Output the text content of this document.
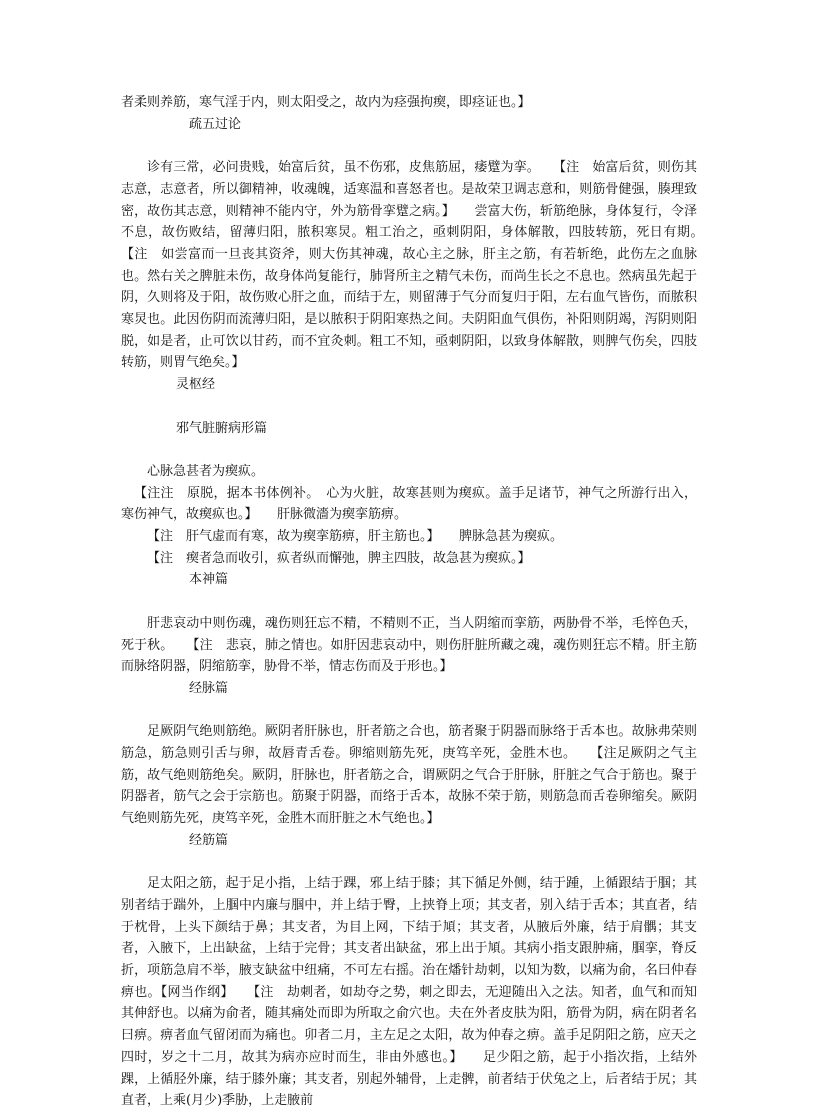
者柔则养筋，寒气淫于内，则太阳受之，故内为痉强拘瘈，即痉证也。】

疏五过论

诊有三常，必问贵贱，始富后贫，虽不伤邪，皮焦筋屈，痿躄为挛。　　【注　始富后贫，则伤其志意，志意者，所以御精神，收魂魄，适寒温和喜怒者也。是故荣卫调志意和，则筋骨健强，腠理致密，故伤其志意，则精神不能内守，外为筋骨挛躄之病。】　　尝富大伤，斩筋绝脉，身体复行，令泽不息，故伤败结，留薄归阳，脓积寒炅。粗工治之，亟刺阴阳，身体解散，四肢转筋，死日有期。　　【注　如尝富而一旦丧其资斧，则大伤其神魂，故心主之脉，肝主之筋，有若斩绝，此伤左之血脉也。然右关之脾脏未伤，故身体尚复能行，肺肾所主之精气未伤，而尚生长之不息也。然病虽先起于阴，久则将及于阳，故伤败心肝之血，而结于左，则留薄于气分而复归于阳，左右血气皆伤，而脓积寒炅也。此因伤阴而流薄归阳，是以脓积于阴阳寒热之间。夫阴阳血气俱伤，补阳则阴竭，泻阴则阳脱，如是者，止可饮以甘药，而不宜灸刺。粗工不知，亟刺阴阳，以致身体解散，则脾气伤矣，四肢转筋，则胃气绝矣。】

灵枢经

邪气脏腑病形篇

心脉急甚者为瘈疭。

【注注　原脱，据本书体例补。　心为火脏，故寒甚则为瘈疭。盖手足诸节，神气之所游行出入，寒伤神气，故瘈疭也。】　　肝脉微濇为瘈挛筋痹。

【注　肝气虚而有寒，故为瘈挛筋痹，肝主筋也。】　　脾脉急甚为瘈疭。

【注　瘈者急而收引，疭者纵而懈弛，脾主四肢，故急甚为瘈疭。】

本神篇

肝悲哀动中则伤魂，魂伤则狂忘不精，不精则不正，当人阴缩而挛筋，两胁骨不举，毛悴色夭，死于秋。　　【注　悲哀，肺之情也。如肝因悲哀动中，则伤肝脏所藏之魂，魂伤则狂忘不精。肝主筋而脉络阴器，阴缩筋挛，胁骨不举，情志伤而及于形也。】

经脉篇

足厥阴气绝则筋绝。厥阴者肝脉也，肝者筋之合也，筋者聚于阴器而脉络于舌本也。故脉弗荣则筋急，筋急则引舌与卵，故唇青舌卷。卵缩则筋先死，庚笃辛死，金胜木也。　　【注足厥阴之气主筋，故气绝则筋绝矣。厥阴，肝脉也，肝者筋之合，谓厥阴之气合于肝脉，肝脏之气合于筋也。聚于阴器者，筋气之会于宗筋也。筋聚于阴器，而络于舌本，故脉不荣于筋，则筋急而舌卷卵缩矣。厥阴气绝则筋先死，庚笃辛死，金胜木而肝脏之木气绝也。】

经筋篇

足太阳之筋，起于足小指，上结于踝，邪上结于膝；其下循足外侧，结于踵，上循跟结于腘；其别者结于踹外，上腘中内廉与腘中，并上结于臀，上挟脊上项；其支者，别入结于舌本；其直者，结于枕骨，上头下颜结于鼻；其支者，为目上网，下结于頄；其支者，从腋后外廉，结于肩髃；其支者，入腋下，上出缺盆，上结于完骨；其支者出缺盆，邪上出于頄。其病小指支跟肿痛，腘挛，脊反折，项筋急肩不举，腋支缺盆中纽痛，不可左右摇。治在燔针劫刺，以知为数，以痛为俞，名曰仲春痹也。【网当作纲】　　【注　劫刺者，如劫夺之势，刺之即去，无迎随出入之法。知者，血气和而知其伸舒也。以痛为俞者，随其痛处而即为所取之俞穴也。夫在外者皮肤为阳，筋骨为阴，病在阴者名曰痹。痹者血气留闭而为痛也。卯者二月，主左足之太阳，故为仲春之痹。盖手足阴阳之筋，应天之四时，岁之十二月，故其为病亦应时而生，非由外感也。】　　足少阳之筋，起于小指次指，上结外踝，上循胫外廉，结于膝外廉；其支者，别起外辅骨，上走髀，前者结于伏兔之上，后者结于尻；其直者，上乘(月少)季胁，上走腋前
